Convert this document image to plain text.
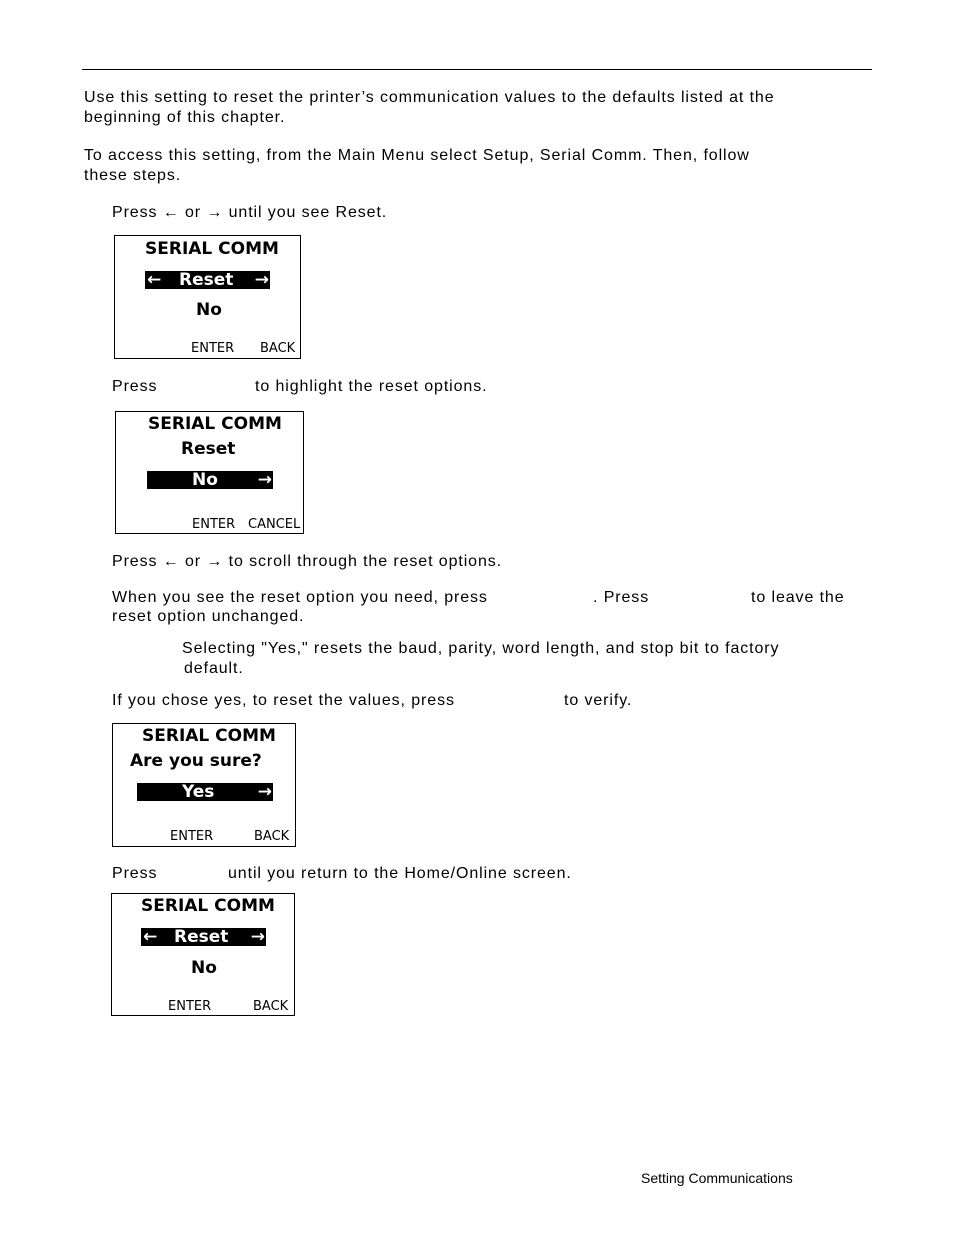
Use this setting to reset the printer’s communication values to the defaults listed at the
beginning of this chapter.
To access this setting, from the Main Menu select Setup, Serial Comm. Then, follow
these steps.
Press ← or → until you see Reset.
SERIAL COMM
← Reset →
No
ENTER BACK
Press	to highlight the reset options.
SERIAL COMM
Reset
No →
ENTER CANCEL
Press ← or → to scroll through the reset options.
When you see the reset option you need, press	. Press	to leave the
reset option unchanged.
Selecting "Yes," resets the baud, parity, word length, and stop bit to factory
default.
If you chose yes, to reset the values, press	to verify.
SERIAL COMM
Are you sure?
Yes	→
ENTER	BACK
Press	until you return to the Home/Online screen.
SERIAL COMM
← Reset →
No
ENTER	BACK
Setting Communications
